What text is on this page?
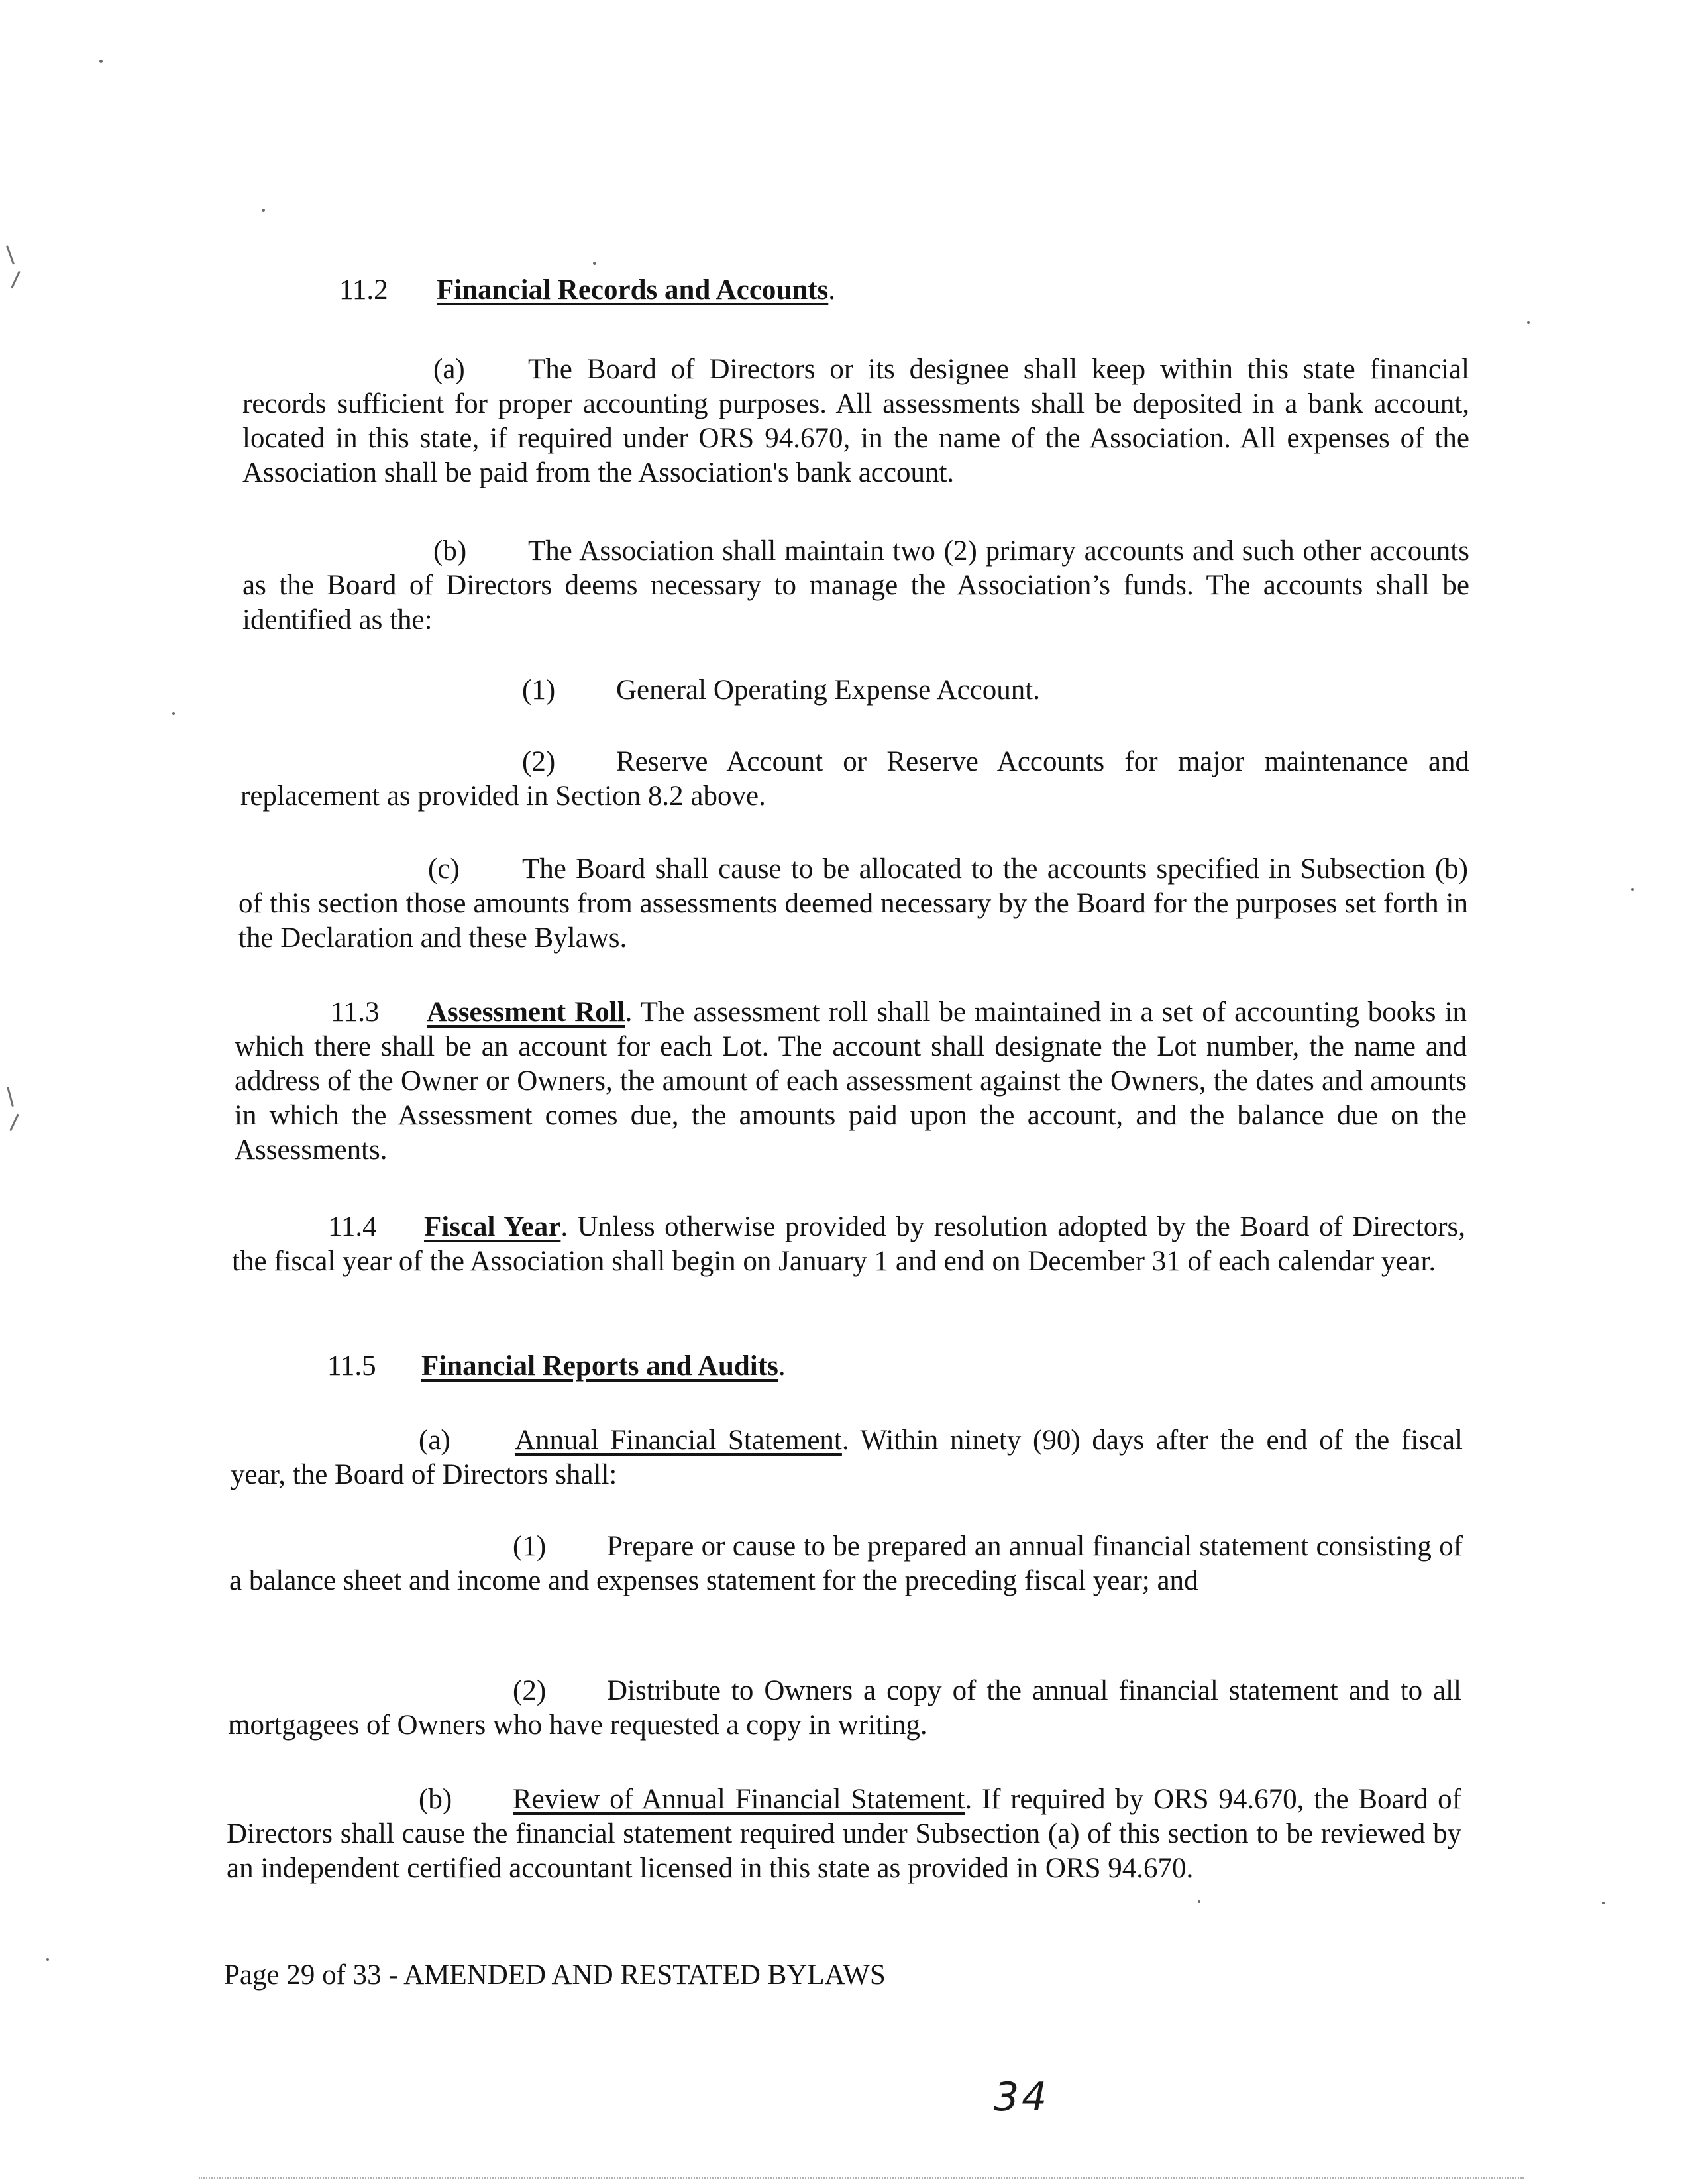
11.2 Financial Records and Accounts.
(a) The Board of Directors or its designee shall keep within this state financial records sufficient for proper accounting purposes. All assessments shall be deposited in a bank account, located in this state, if required under ORS 94.670, in the name of the Association. All expenses of the Association shall be paid from the Association's bank account.
(b) The Association shall maintain two (2) primary accounts and such other accounts as the Board of Directors deems necessary to manage the Association’s funds. The accounts shall be identified as the:
(1) General Operating Expense Account.
(2) Reserve Account or Reserve Accounts for major maintenance and replacement as provided in Section 8.2 above.
(c) The Board shall cause to be allocated to the accounts specified in Subsection (b) of this section those amounts from assessments deemed necessary by the Board for the purposes set forth in the Declaration and these Bylaws.
11.3 Assessment Roll. The assessment roll shall be maintained in a set of accounting books in which there shall be an account for each Lot. The account shall designate the Lot number, the name and address of the Owner or Owners, the amount of each assessment against the Owners, the dates and amounts in which the Assessment comes due, the amounts paid upon the account, and the balance due on the Assessments.
11.4 Fiscal Year. Unless otherwise provided by resolution adopted by the Board of Directors, the fiscal year of the Association shall begin on January 1 and end on December 31 of each calendar year.
11.5 Financial Reports and Audits.
(a) Annual Financial Statement. Within ninety (90) days after the end of the fiscal year, the Board of Directors shall:
(1) Prepare or cause to be prepared an annual financial statement consisting of a balance sheet and income and expenses statement for the preceding fiscal year; and
(2) Distribute to Owners a copy of the annual financial statement and to all mortgagees of Owners who have requested a copy in writing.
(b) Review of Annual Financial Statement. If required by ORS 94.670, the Board of Directors shall cause the financial statement required under Subsection (a) of this section to be reviewed by an independent certified accountant licensed in this state as provided in ORS 94.670.
Page 29 of 33 - AMENDED AND RESTATED BYLAWS
34
